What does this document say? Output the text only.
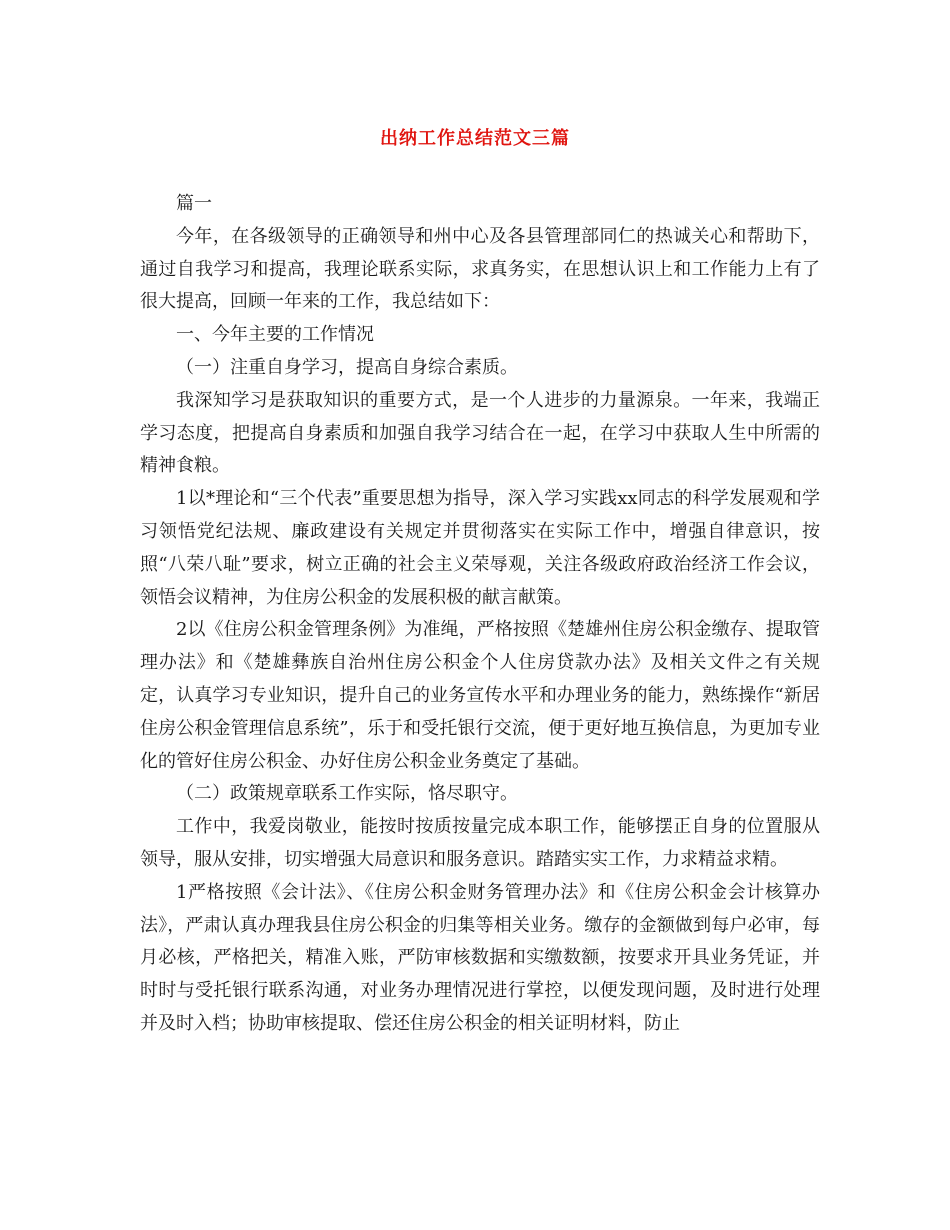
出纳工作总结范文三篇

篇一

今年，在各级领导的正确领导和州中心及各县管理部同仁的热诚关心和帮助下，通过自我学习和提高，我理论联系实际，求真务实，在思想认识上和工作能力上有了很大提高，回顾一年来的工作，我总结如下：

一、今年主要的工作情况

（一）注重自身学习，提高自身综合素质。

我深知学习是获取知识的重要方式，是一个人进步的力量源泉。一年来，我端正学习态度，把提高自身素质和加强自我学习结合在一起，在学习中获取人生中所需的精神食粮。

1以*理论和“三个代表”重要思想为指导，深入学习实践xx同志的科学发展观和学习领悟党纪法规、廉政建设有关规定并贯彻落实在实际工作中，增强自律意识，按照“八荣八耻”要求，树立正确的社会主义荣辱观，关注各级政府政治经济工作会议，领悟会议精神，为住房公积金的发展积极的献言献策。

2以《住房公积金管理条例》为准绳，严格按照《楚雄州住房公积金缴存、提取管理办法》和《楚雄彝族自治州住房公积金个人住房贷款办法》及相关文件之有关规定，认真学习专业知识，提升自己的业务宣传水平和办理业务的能力，熟练操作“新居住房公积金管理信息系统”，乐于和受托银行交流，便于更好地互换信息，为更加专业化的管好住房公积金、办好住房公积金业务奠定了基础。

（二）政策规章联系工作实际，恪尽职守。

工作中，我爱岗敬业，能按时按质按量完成本职工作，能够摆正自身的位置服从领导，服从安排，切实增强大局意识和服务意识。踏踏实实工作，力求精益求精。

1严格按照《会计法》、《住房公积金财务管理办法》和《住房公积金会计核算办法》，严肃认真办理我县住房公积金的归集等相关业务。缴存的金额做到每户必审，每月必核，严格把关，精准入账，严防审核数据和实缴数额，按要求开具业务凭证，并时时与受托银行联系沟通，对业务办理情况进行掌控，以便发现问题，及时进行处理并及时入档；协助审核提取、偿还住房公积金的相关证明材料，防止
